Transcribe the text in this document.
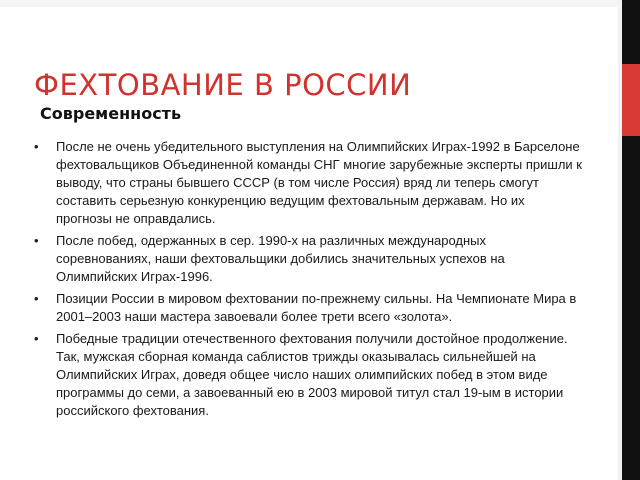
ФЕХТОВАНИЕ В РОССИИ
Современность
•	После не очень убедительного выступления на Олимпийских Играх-1992 в Барселоне фехтовальщиков Объединенной команды СНГ многие зарубежные эксперты пришли к выводу, что страны бывшего СССР (в том числе Россия) вряд ли теперь смогут составить серьезную конкуренцию ведущим фехтовальным державам. Но их прогнозы не оправдались.
•	После побед, одержанных в сер. 1990-х на различных международных соревнованиях, наши фехтовальщики добились значительных успехов на Олимпийских Играх-1996.
•	Позиции России в мировом фехтовании по-прежнему сильны. На Чемпионате Мира в 2001–2003 наши мастера завоевали более трети всего «золота».
•	Победные традиции отечественного фехтования получили достойное продолжение. Так, мужская сборная команда саблистов трижды оказывалась сильнейшей на Олимпийских Играх, доведя общее число наших олимпийских побед в этом виде программы до семи, а завоеванный ею в 2003 мировой титул стал 19-ым в истории российского фехтования.
